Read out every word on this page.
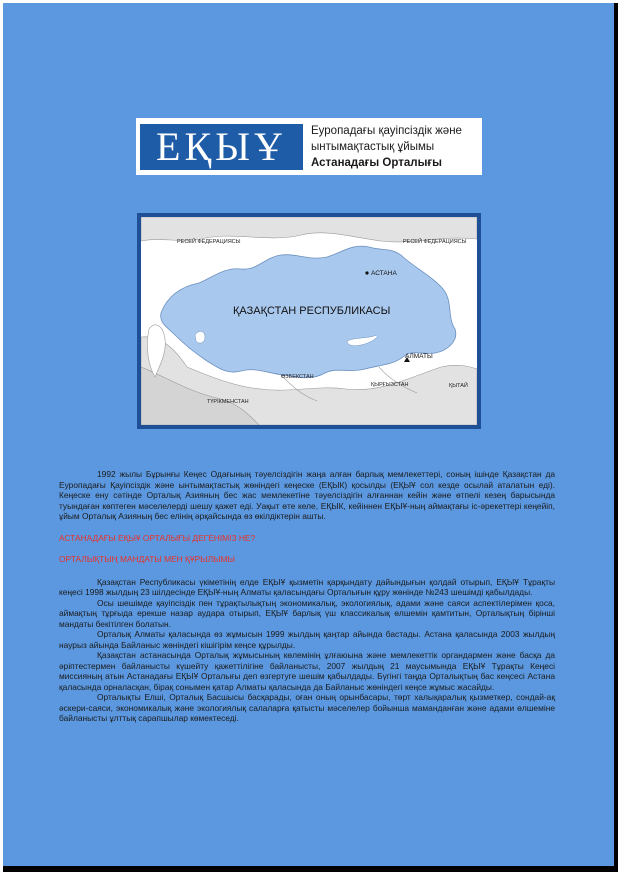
ЕҚЫҰ	Еуропадағы қауіпсіздік және
ынтымақтастық ұйымы
Астанадағы Орталығы
РЕСЕЙ ФЕДЕРАЦИЯСЫ	РЕСЕЙ ФЕДЕРАЦИЯСЫ
АСТАНА
ҚАЗАҚСТАН РЕСПУБЛИКАСЫ
АЛМАТЫ
ӨЗБЕКСТАН
ҚЫРҒЫЗСТАН	ҚЫТАЙ
ТҮРІКМЕНСТАН

1992 жылы Бұрынғы Кеңес Одағының тәуелсіздігін жаңа алған барлық мемлекеттері, соның ішінде Қазақстан да Еуропадағы Қауіпсіздік және ынтымақтастық жөніндегі кеңеске (ЕҚЫК) қосылды (ЕҚЫҰ сол кезде осылай аталатын еді). Кеңеске ену сәтінде Орталық Азияның бес жас мемлекетіне тәуелсіздігін алғаннан кейін және өтпелі кезең барысында туындаған көптеген мәселелерді шешу қажет еді. Уақыт өте келе, ЕҚЫК, кейіннен ЕҚЫҰ-ның аймақтағы іс-әрекеттері кеңейіп, ұйым Орталық Азияның бес елінің әрқайсында өз өкілдіктерін ашты.

АСТАНАДАҒЫ ЕҚЫҰ ОРТАЛЫҒЫ ДЕГЕНІМІЗ НЕ?
ОРТАЛЫҚТЫҢ МАНДАТЫ МЕН ҚҰРЫЛЫМЫ

Қазақстан Республикасы үкіметінің елде ЕҚЫҰ қызметін қарқындату дайындығын қолдай отырып, ЕҚЫҰ Тұрақты кеңесі 1998 жылдың 23 шілдесінде ЕҚЫҰ-ның Алматы қаласындағы Орталығын құру жөнінде №243 шешімді қабылдады.

Осы шешімде қауіпсіздік пен тұрақтылықтың экономикалық, экологиялық, адами және саяси аспектілерімен қоса, аймақтың тұрғыда ерекше назар аудара отырып, ЕҚЫҰ барлық үш классикалық өлшемін қамтитын, Орталықтың бірінші мандаты бекітілген болатын.

Орталық Алматы қаласында өз жұмысын 1999 жылдың қаңтар айында бастады. Астана қаласында 2003 жылдың наурыз айында Байланыс жөніндегі кішігірім кеңсе құрылды.

Қазақстан астанасында Орталық жұмысының көлемінің ұлғаюына және мемлекеттік органдармен және басқа да әріптестермен байланысты күшейту қажеттілігіне байланысты, 2007 жылдың 21 маусымында ЕҚЫҰ Тұрақты Кеңесі миссияның атын Астанадағы ЕҚЫҰ Орталығы деп өзгертуге шешім қабылдады. Бүгінгі таңда Орталықтың бас кеңсесі Астана қаласында орналасқан, бірақ сонымен қатар Алматы қаласында да Байланыс жөніндегі кеңсе жұмыс жасайды.

Орталықты Елші, Орталық Басшысы басқарады, оған оның орынбасары, төрт халықаралық қызметкер, сондай-ақ әскери-саяси, экономикалық және экологиялық салаларға қатысты мәселелер бойынша маманданған және адами өлшеміне байланысты ұлттық сарапшылар көмектеседі.
